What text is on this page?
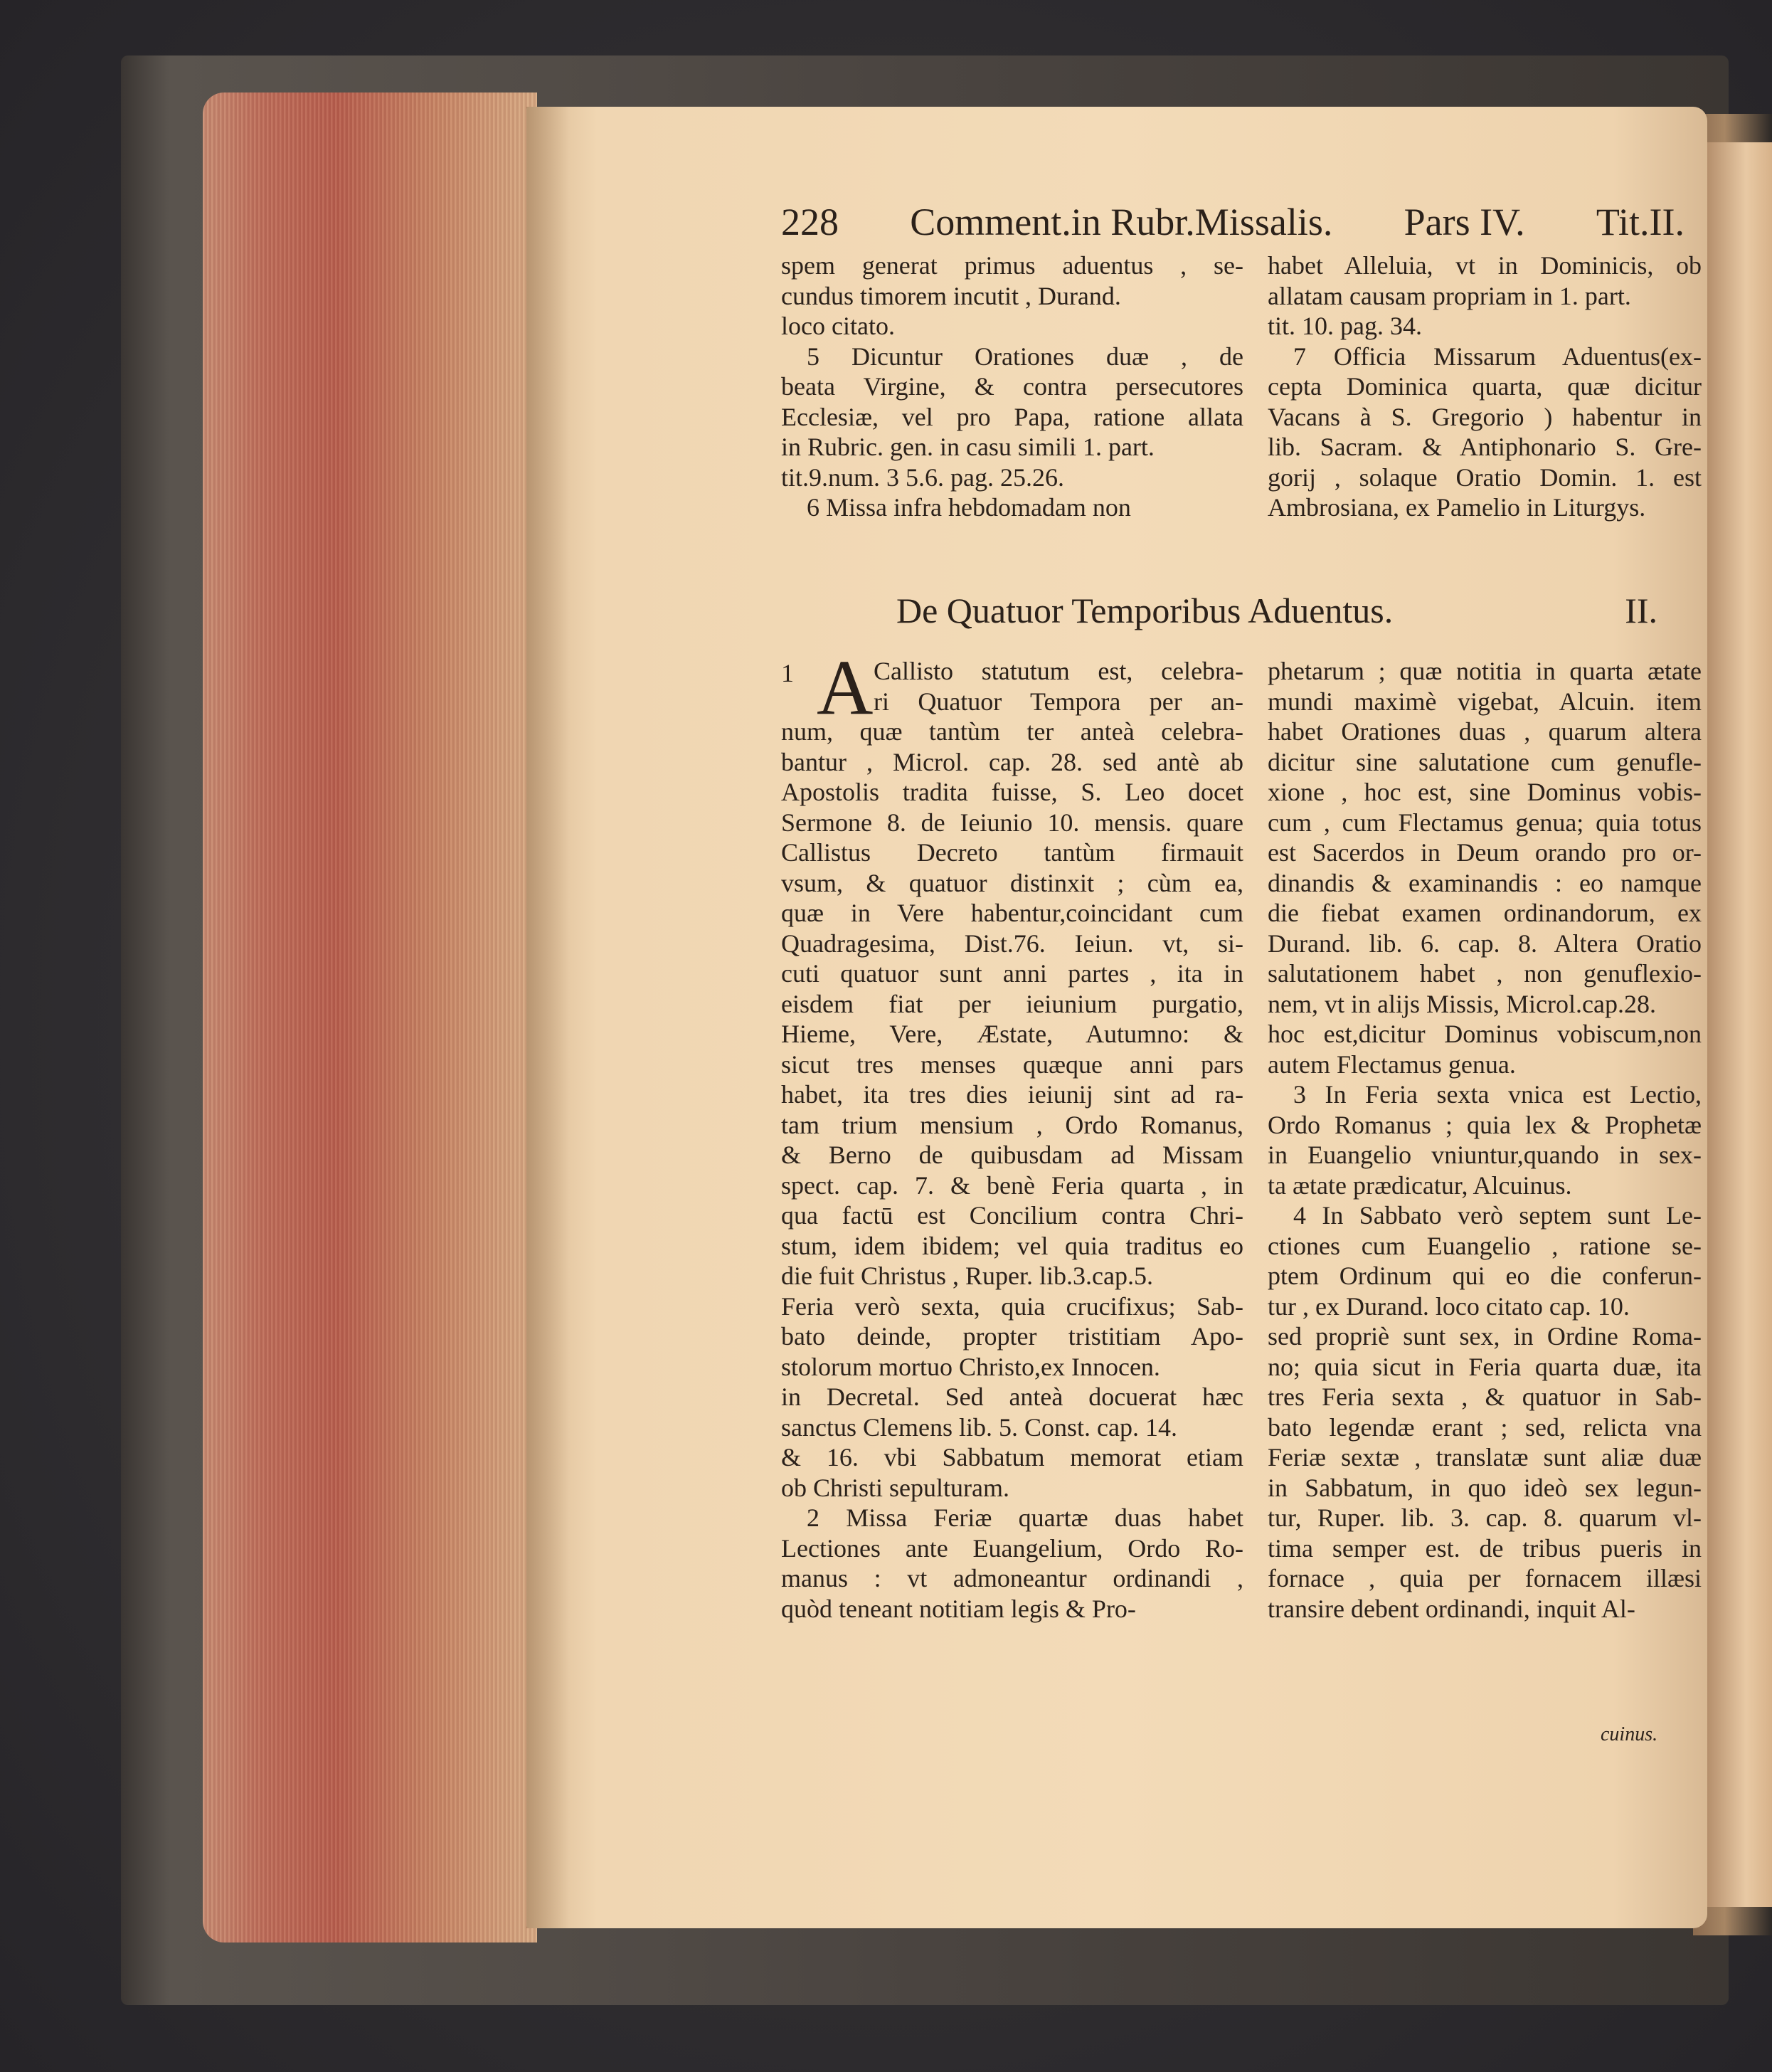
228 Comment.in Rubr.Missalis. Pars IV. Tit.II.
spem generat primus aduentus , se-
cundus timorem incutit , Durand.
loco citato.
5 Dicuntur Orationes duæ , de
beata Virgine, & contra persecutores
Ecclesiæ, vel pro Papa, ratione allata
in Rubric. gen. in casu simili 1. part.
tit.9.num. 3 5.6. pag. 25.26.
6 Missa infra hebdomadam non
habet Alleluia, vt in Dominicis, ob
allatam causam propriam in 1. part.
tit. 10. pag. 34.
7 Officia Missarum Aduentus(ex-
cepta Dominica quarta, quæ dicitur
Vacans à S. Gregorio ) habentur in
lib. Sacram. & Antiphonario S. Gre-
gorij , solaque Oratio Domin. 1. est
Ambrosiana, ex Pamelio in Liturgys.
De Quatuor Temporibus Aduentus.	II.
1 A Callisto statutum est, celebra-
ri Quatuor Tempora per an-
num, quæ tantùm ter anteà celebra-
bantur , Microl. cap. 28. sed antè ab
Apostolis tradita fuisse, S. Leo docet
Sermone 8. de Ieiunio 10. mensis. quare
Callistus Decreto tantùm firmauit
vsum, & quatuor distinxit ; cùm ea,
quæ in Vere habentur,coincidant cum
Quadragesima, Dist.76. Ieiun. vt, si-
cuti quatuor sunt anni partes , ita in
eisdem fiat per ieiunium purgatio,
Hieme, Vere, Æstate, Autumno: &
sicut tres menses quæque anni pars
habet, ita tres dies ieiunij sint ad ra-
tam trium mensium , Ordo Romanus,
& Berno de quibusdam ad Missam
spect. cap. 7. & benè Feria quarta , in
qua factū est Concilium contra Chri-
stum, idem ibidem; vel quia traditus eo
die fuit Christus , Ruper. lib.3.cap.5.
Feria verò sexta, quia crucifixus; Sab-
bato deinde, propter tristitiam Apo-
stolorum mortuo Christo,ex Innocen.
in Decretal. Sed anteà docuerat hæc
sanctus Clemens lib. 5. Const. cap. 14.
& 16. vbi Sabbatum memorat etiam
ob Christi sepulturam.
2 Missa Feriæ quartæ duas habet
Lectiones ante Euangelium, Ordo Ro-
manus : vt admoneantur ordinandi ,
quòd teneant notitiam legis & Pro-
phetarum ; quæ notitia in quarta ætate
mundi maximè vigebat, Alcuin. item
habet Orationes duas , quarum altera
dicitur sine salutatione cum genufle-
xione , hoc est, sine Dominus vobis-
cum , cum Flectamus genua; quia totus
est Sacerdos in Deum orando pro or-
dinandis & examinandis : eo namque
die fiebat examen ordinandorum, ex
Durand. lib. 6. cap. 8. Altera Oratio
salutationem habet , non genuflexio-
nem, vt in alijs Missis, Microl.cap.28.
hoc est,dicitur Dominus vobiscum,non
autem Flectamus genua.
3 In Feria sexta vnica est Lectio,
Ordo Romanus ; quia lex & Prophetæ
in Euangelio vniuntur,quando in sex-
ta ætate prædicatur, Alcuinus.
4 In Sabbato verò septem sunt Le-
ctiones cum Euangelio , ratione se-
ptem Ordinum qui eo die conferun-
tur , ex Durand. loco citato cap. 10.
sed propriè sunt sex, in Ordine Roma-
no; quia sicut in Feria quarta duæ, ita
tres Feria sexta , & quatuor in Sab-
bato legendæ erant ; sed, relicta vna
Feriæ sextæ , translatæ sunt aliæ duæ
in Sabbatum, in quo ideò sex legun-
tur, Ruper. lib. 3. cap. 8. quarum vl-
tima semper est. de tribus pueris in
fornace , quia per fornacem illæsi
transire debent ordinandi, inquit Al-
cuinus.
